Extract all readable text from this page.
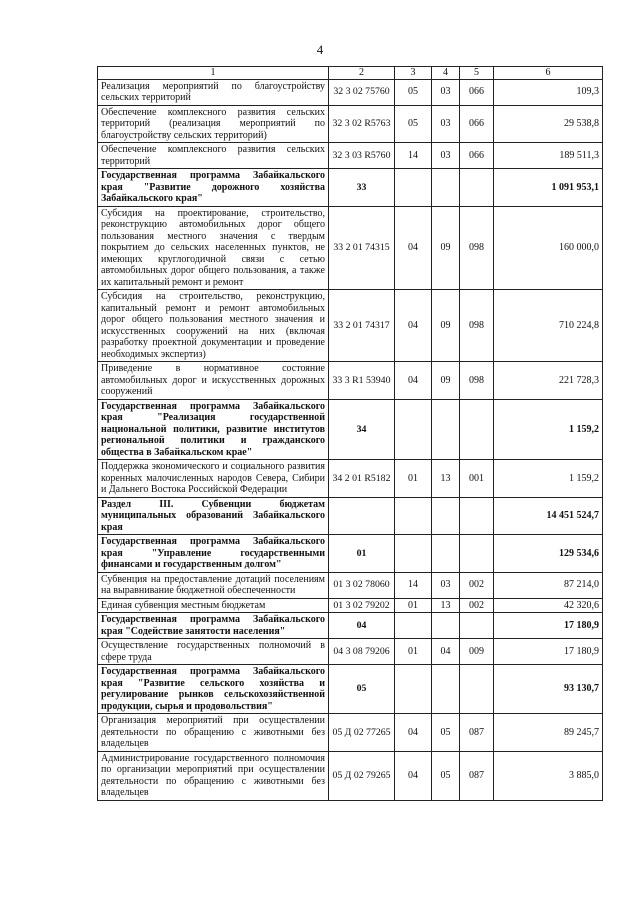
4
1	2	3	4	5	6
Реализация мероприятий по благоустройству сельских территорий	32 3 02 75760	05	03	066	109,3
Обеспечение комплексного развития сельских территорий (реализация мероприятий по благоустройству сельских территорий)	32 3 02 R5763	05	03	066	29 538,8
Обеспечение комплексного развития сельских территорий	32 3 03 R5760	14	03	066	189 511,3
Государственная программа Забайкальского края "Развитие дорожного хозяйства Забайкальского края"	33				1 091 953,1
Субсидия на проектирование, строительство, реконструкцию автомобильных дорог общего пользования местного значения с твердым покрытием до сельских населенных пунктов, не имеющих круглогодичной связи с сетью автомобильных дорог общего пользования, а также их капитальный ремонт и ремонт	33 2 01 74315	04	09	098	160 000,0
Субсидия на строительство, реконструкцию, капитальный ремонт и ремонт автомобильных дорог общего пользования местного значения и искусственных сооружений на них (включая разработку проектной документации и проведение необходимых экспертиз)	33 2 01 74317	04	09	098	710 224,8
Приведение в нормативное состояние автомобильных дорог и искусственных дорожных сооружений	33 3 R1 53940	04	09	098	221 728,3
Государственная программа Забайкальского края "Реализация государственной национальной политики, развитие институтов региональной политики и гражданского общества в Забайкальском крае"	34				1 159,2
Поддержка экономического и социального развития коренных малочисленных народов Севера, Сибири и Дальнего Востока Российской Федерации	34 2 01 R5182	01	13	001	1 159,2
Раздел III. Субвенции бюджетам муниципальных образований Забайкальского края					14 451 524,7
Государственная программа Забайкальского края "Управление государственными финансами и государственным долгом"	01				129 534,6
Субвенция на предоставление дотаций поселениям на выравнивание бюджетной обеспеченности	01 3 02 78060	14	03	002	87 214,0
Единая субвенция местным бюджетам	01 3 02 79202	01	13	002	42 320,6
Государственная программа Забайкальского края "Содействие занятости населения"	04				17 180,9
Осуществление государственных полномочий в сфере труда	04 3 08 79206	01	04	009	17 180,9
Государственная программа Забайкальского края "Развитие сельского хозяйства и регулирование рынков сельскохозяйственной продукции, сырья и продовольствия"	05				93 130,7
Организация мероприятий при осуществлении деятельности по обращению с животными без владельцев	05 Д 02 77265	04	05	087	89 245,7
Администрирование государственного полномочия по организации мероприятий при осуществлении деятельности по обращению с животными без владельцев	05 Д 02 79265	04	05	087	3 885,0
